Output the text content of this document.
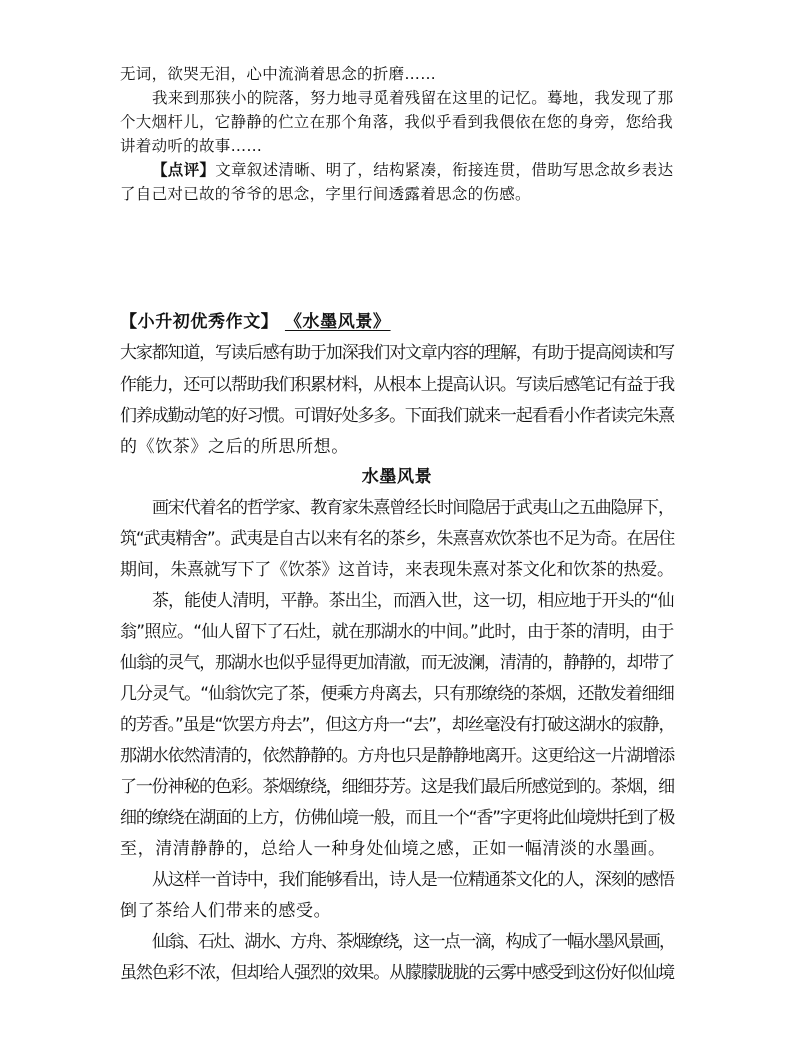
无词，欲哭无泪，心中流淌着思念的折磨……

我来到那狭小的院落，努力地寻觅着残留在这里的记忆。蓦地，我发现了那

个大烟杆儿，它静静的伫立在那个角落，我似乎看到我偎依在您的身旁，您给我

讲着动听的故事……

【点评】文章叙述清晰、明了，结构紧凑，衔接连贯，借助写思念故乡表达

了自己对已故的爷爷的思念，字里行间透露着思念的伤感。

【小升初优秀作文】 《水墨风景》

大家都知道，写读后感有助于加深我们对文章内容的理解，有助于提高阅读和写

作能力，还可以帮助我们积累材料，从根本上提高认识。写读后感笔记有益于我

们养成勤动笔的好习惯。可谓好处多多。下面我们就来一起看看小作者读完朱熹

的《饮茶》之后的所思所想。

水墨风景

画宋代着名的哲学家、教育家朱熹曾经长时间隐居于武夷山之五曲隐屏下，

筑“武夷精舍”。武夷是自古以来有名的茶乡，朱熹喜欢饮茶也不足为奇。在居住

期间，朱熹就写下了《饮茶》这首诗，来表现朱熹对茶文化和饮茶的热爱。

茶，能使人清明，平静。茶出尘，而酒入世，这一切，相应地于开头的“仙

翁”照应。“仙人留下了石灶，就在那湖水的中间。”此时，由于茶的清明，由于

仙翁的灵气，那湖水也似乎显得更加清澈，而无波澜，清清的，静静的，却带了

几分灵气。“仙翁饮完了茶，便乘方舟离去，只有那缭绕的茶烟，还散发着细细

的芳香。”虽是“饮罢方舟去”，但这方舟一“去”，却丝毫没有打破这湖水的寂静，

那湖水依然清清的，依然静静的。方舟也只是静静地离开。这更给这一片湖增添

了一份神秘的色彩。茶烟缭绕，细细芬芳。这是我们最后所感觉到的。茶烟，细

细的缭绕在湖面的上方，仿佛仙境一般，而且一个“香”字更将此仙境烘托到了极

至，清清静静的，总给人一种身处仙境之感，正如一幅清淡的水墨画。

从这样一首诗中，我们能够看出，诗人是一位精通茶文化的人，深刻的感悟

倒了茶给人们带来的感受。

仙翁、石灶、湖水、方舟、茶烟缭绕，这一点一滴，构成了一幅水墨风景画，

虽然色彩不浓，但却给人强烈的效果。从朦朦胧胧的云雾中感受到这份好似仙境
